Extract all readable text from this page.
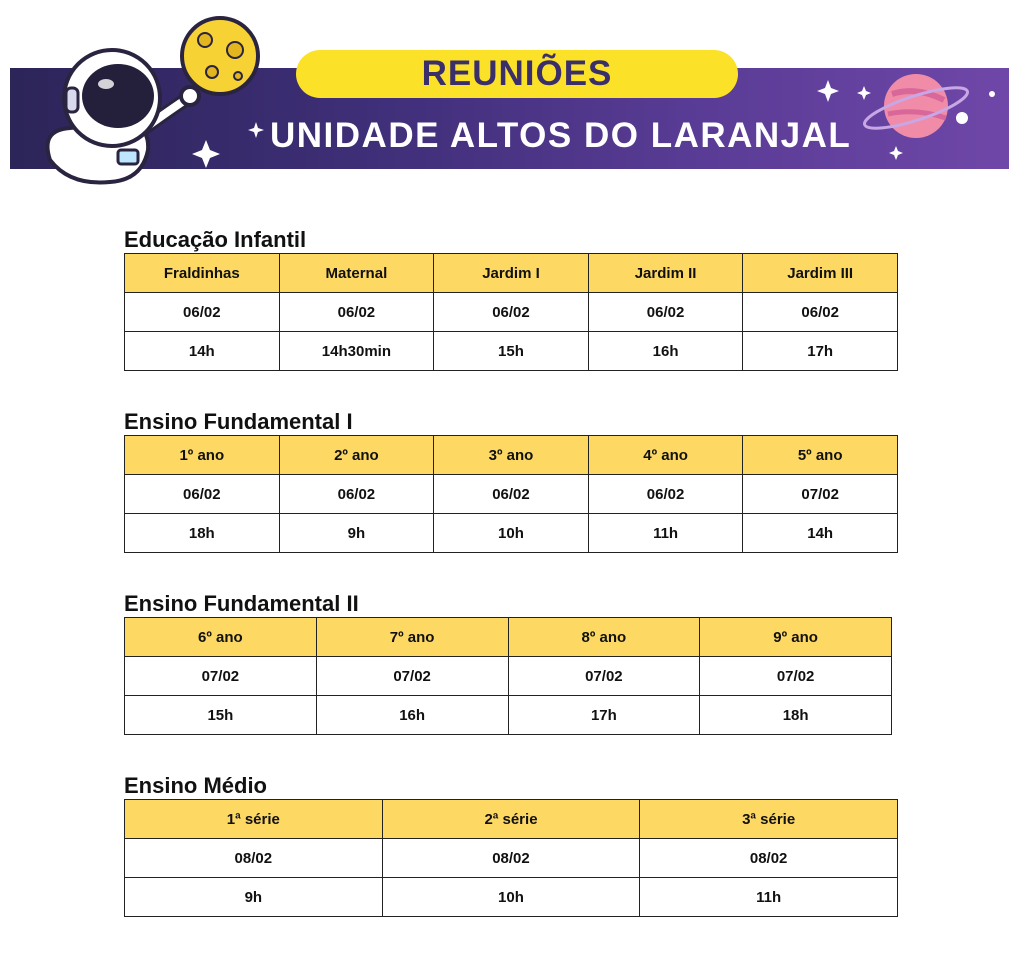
REUNIÕES
UNIDADE ALTOS DO LARANJAL
Educação Infantil
Fraldinhas	Maternal	Jardim I	Jardim II	Jardim III
06/02	06/02	06/02	06/02	06/02
14h	14h30min	15h	16h	17h
Ensino Fundamental I
1º ano	2º ano	3º ano	4º ano	5º ano
06/02	06/02	06/02	06/02	07/02
18h	9h	10h	11h	14h
Ensino Fundamental II
6º ano	7º ano	8º ano	9º ano
07/02	07/02	07/02	07/02
15h	16h	17h	18h
Ensino Médio
1ª série	2ª série	3ª série
08/02	08/02	08/02
9h	10h	11h
